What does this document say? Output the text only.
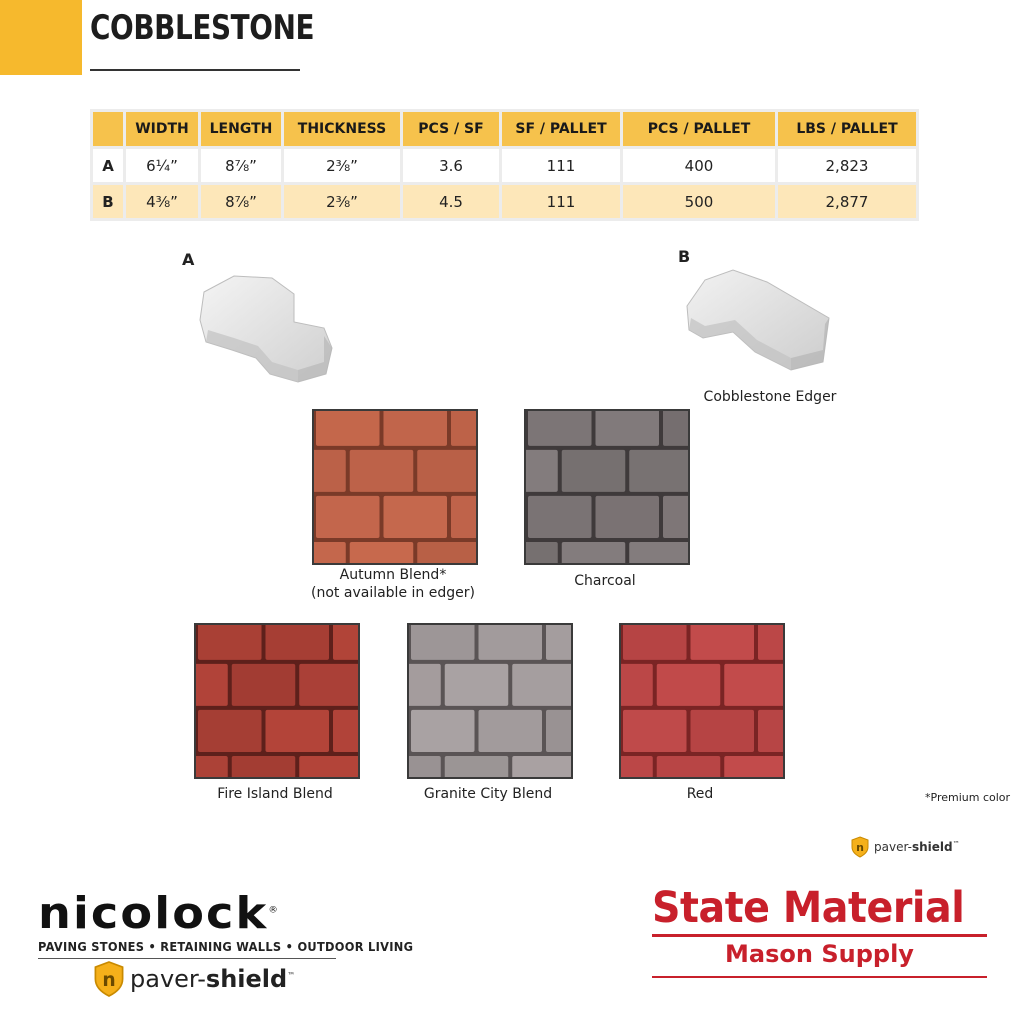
COBBLESTONE
	WIDTH	LENGTH	THICKNESS	PCS / SF	SF / PALLET	PCS / PALLET	LBS / PALLET
A	6¼”	8⅞”	2⅜”	3.6	111	400	2,823
B	4⅜”	8⅞”	2⅜”	4.5	111	500	2,877
A	B
Cobblestone Edger
Autumn Blend*
(not available in edger)
Charcoal
Fire Island Blend	Granite City Blend	Red	*Premium color
n paver-shield™
nicolock®
PAVING STONES • RETAINING WALLS • OUTDOOR LIVING
n paver-shield™
State Material
Mason Supply
